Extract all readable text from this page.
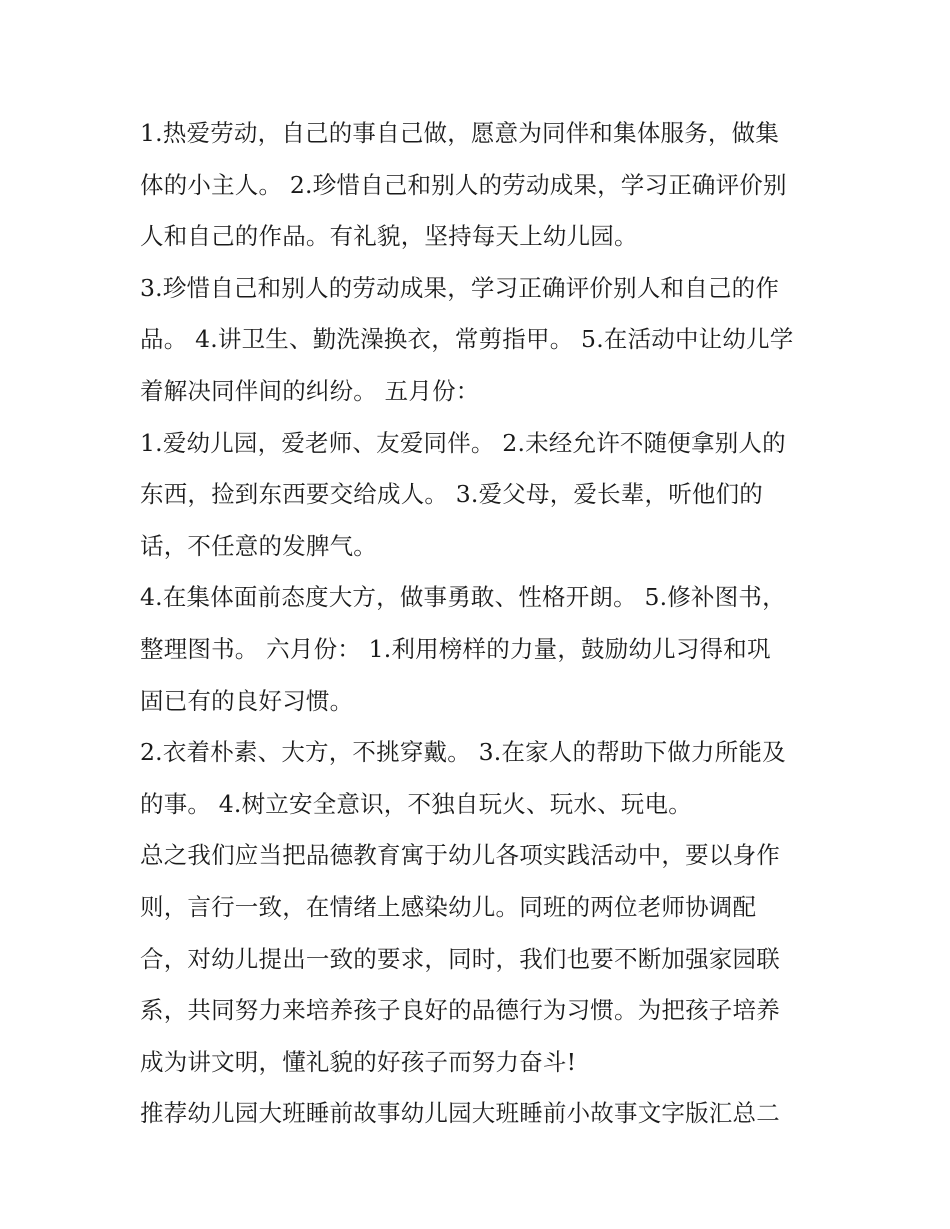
1.热爱劳动，自己的事自己做，愿意为同伴和集体服务，做集
体的小主人。 2.珍惜自己和别人的劳动成果，学习正确评价别
人和自己的作品。有礼貌，坚持每天上幼儿园。
3.珍惜自己和别人的劳动成果，学习正确评价别人和自己的作
品。 4.讲卫生、勤洗澡换衣，常剪指甲。 5.在活动中让幼儿学
着解决同伴间的纠纷。 五月份：
1.爱幼儿园，爱老师、友爱同伴。 2.未经允许不随便拿别人的
东西，捡到东西要交给成人。 3.爱父母，爱长辈，听他们的
话，不任意的发脾气。
4.在集体面前态度大方，做事勇敢、性格开朗。 5.修补图书，
整理图书。 六月份： 1.利用榜样的力量，鼓励幼儿习得和巩
固已有的良好习惯。
2.衣着朴素、大方，不挑穿戴。 3.在家人的帮助下做力所能及
的事。 4.树立安全意识，不独自玩火、玩水、玩电。
总之我们应当把品德教育寓于幼儿各项实践活动中，要以身作
则，言行一致，在情绪上感染幼儿。同班的两位老师协调配
合，对幼儿提出一致的要求，同时，我们也要不断加强家园联
系，共同努力来培养孩子良好的品德行为习惯。为把孩子培养
成为讲文明，懂礼貌的好孩子而努力奋斗!
推荐幼儿园大班睡前故事幼儿园大班睡前小故事文字版汇总二
